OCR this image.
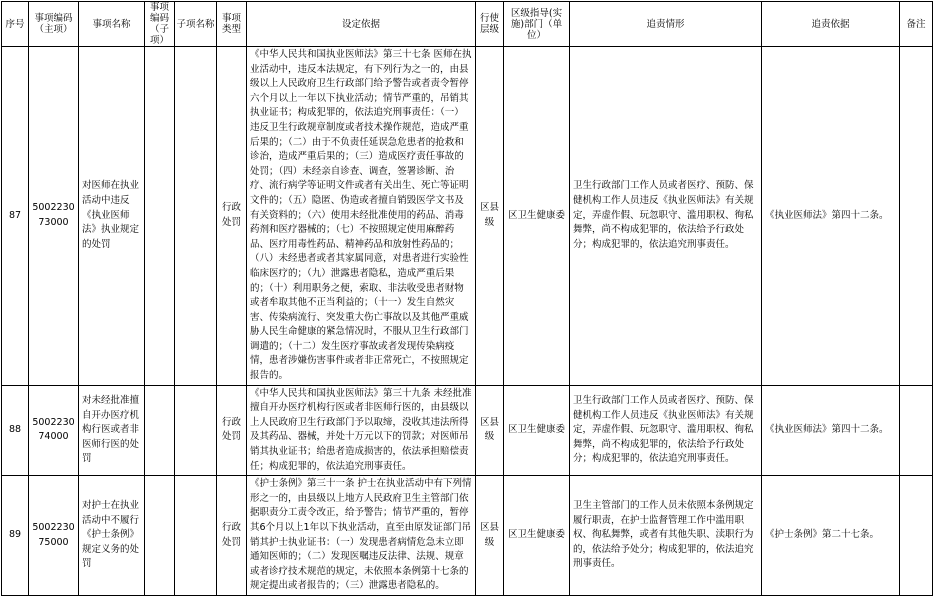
序号	事项编码（主项）	事项名称	事项编码（子项）	子项名称	事项类型	设定依据	行使层级	区级指导(实施)部门（单位）	追责情形	追责依据	备注
87	500223073000	对医师在执业活动中违反《执业医师法》执业规定的处罚			行政处罚	《中华人民共和国执业医师法》第三十七条 医师在执业活动中，违反本法规定，有下列行为之一的，由县级以上人民政府卫生行政部门给予警告或者责令暂停六个月以上一年以下执业活动；情节严重的，吊销其执业证书；构成犯罪的，依法追究刑事责任：（一）违反卫生行政规章制度或者技术操作规范，造成严重后果的；（二）由于不负责任延误急危患者的抢救和诊治，造成严重后果的；（三）造成医疗责任事故的处罚；（四）未经亲自诊查、调查，签署诊断、治疗、流行病学等证明文件或者有关出生、死亡等证明文件的；（五）隐匿、伪造或者擅自销毁医学文书及有关资料的；（六）使用未经批准使用的药品、消毒药剂和医疗器械的；（七）不按照规定使用麻醉药品、医疗用毒性药品、精神药品和放射性药品的；（八）未经患者或者其家属同意，对患者进行实验性临床医疗的；（九）泄露患者隐私，造成严重后果的；（十）利用职务之便，索取、非法收受患者财物或者牟取其他不正当利益的；（十一）发生自然灾害、传染病流行、突发重大伤亡事故以及其他严重威胁人民生命健康的紧急情况时，不服从卫生行政部门调遣的；（十二）发生医疗事故或者发现传染病疫情，患者涉嫌伤害事件或者非正常死亡，不按照规定报告的。	区县级	区卫生健康委	卫生行政部门工作人员或者医疗、预防、保健机构工作人员违反《执业医师法》有关规定，弄虚作假、玩忽职守、滥用职权、徇私舞弊，尚不构成犯罪的，依法给予行政处分；构成犯罪的，依法追究刑事责任。	《执业医师法》第四十二条。	
88	500223074000	对未经批准擅自开办医疗机构行医或者非医师行医的处罚			行政处罚	《中华人民共和国执业医师法》第三十九条 未经批准擅自开办医疗机构行医或者非医师行医的，由县级以上人民政府卫生行政部门予以取缔，没收其违法所得及其药品、器械，并处十万元以下的罚款；对医师吊销其执业证书；给患者造成损害的，依法承担赔偿责任；构成犯罪的，依法追究刑事责任。	区县级	区卫生健康委	卫生行政部门工作人员或者医疗、预防、保健机构工作人员违反《执业医师法》有关规定，弄虚作假、玩忽职守、滥用职权、徇私舞弊，尚不构成犯罪的，依法给予行政处分；构成犯罪的，依法追究刑事责任。	《执业医师法》第四十二条。	
89	500223075000	对护士在执业活动中不履行《护士条例》规定义务的处罚			行政处罚	《护士条例》第三十一条 护士在执业活动中有下列情形之一的，由县级以上地方人民政府卫生主管部门依据职责分工责令改正，给予警告；情节严重的，暂停其6个月以上1年以下执业活动，直至由原发证部门吊销其护士执业证书：（一）发现患者病情危急未立即通知医师的；（二）发现医嘱违反法律、法规、规章或者诊疗技术规范的规定，未依照本条例第十七条的规定提出或者报告的；（三）泄露患者隐私的。	区县级	区卫生健康委	卫生主管部门的工作人员未依照本条例规定履行职责，在护士监督管理工作中滥用职权、徇私舞弊，或者有其他失职、渎职行为的，依法给予处分；构成犯罪的，依法追究刑事责任。	《护士条例》第二十七条。	
